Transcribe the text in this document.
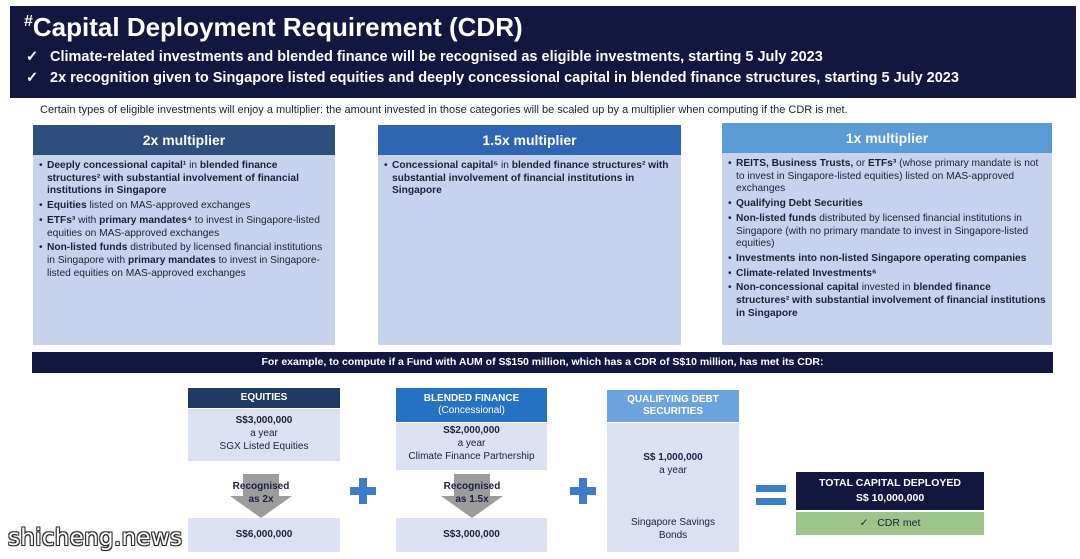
#Capital Deployment Requirement (CDR)
✓ Climate-related investments and blended finance will be recognised as eligible investments, starting 5 July 2023
✓ 2x recognition given to Singapore listed equities and deeply concessional capital in blended finance structures, starting 5 July 2023
Certain types of eligible investments will enjoy a multiplier: the amount invested in those categories will be scaled up by a multiplier when computing if the CDR is met.
2x multiplier
• Deeply concessional capital¹ in blended finance structures² with substantial involvement of financial institutions in Singapore
• Equities listed on MAS-approved exchanges
• ETFs³ with primary mandates⁴ to invest in Singapore-listed equities on MAS-approved exchanges
• Non-listed funds distributed by licensed financial institutions in Singapore with primary mandates to invest in Singapore-listed equities on MAS-approved exchanges
1.5x multiplier
• Concessional capital⁵ in blended finance structures² with substantial involvement of financial institutions in Singapore
1x multiplier
• REITS, Business Trusts, or ETFs³ (whose primary mandate is not to invest in Singapore-listed equities) listed on MAS-approved exchanges
• Qualifying Debt Securities
• Non-listed funds distributed by licensed financial institutions in Singapore (with no primary mandate to invest in Singapore-listed equities)
• Investments into non-listed Singapore operating companies
• Climate-related Investments⁶
• Non-concessional capital invested in blended finance structures² with substantial involvement of financial institutions in Singapore
For example, to compute if a Fund with AUM of S$150 million, which has a CDR of S$10 million, has met its CDR:
EQUITIES
S$3,000,000
a year
SGX Listed Equities
Recognised
as 2x
S$6,000,000
BLENDED FINANCE
(Concessional)
S$2,000,000
a year
Climate Finance Partnership
Recognised
as 1.5x
S$3,000,000
QUALIFYING DEBT
SECURITIES
S$ 1,000,000
a year
Singapore Savings
Bonds
TOTAL CAPITAL DEPLOYED
S$ 10,000,000
✓ CDR met
shicheng.news
